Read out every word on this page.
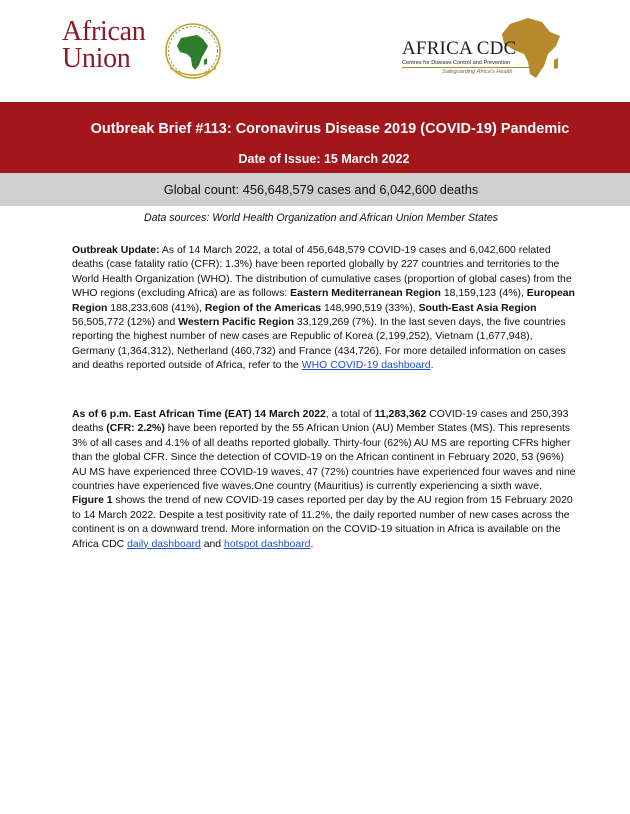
African
Union	AFRICA CDC
Centres for Disease Control and Prevention
Safeguarding Africa's Health
Outbreak Brief #113: Coronavirus Disease 2019 (COVID-19) Pandemic
Date of Issue: 15 March 2022
Global count: 456,648,579 cases and 6,042,600 deaths
Data sources: World Health Organization and African Union Member States
Outbreak Update: As of 14 March 2022, a total of 456,648,579 COVID-19 cases and 6,042,600 related deaths (case fatality ratio (CFR): 1.3%) have been reported globally by 227 countries and territories to the World Health Organization (WHO). The distribution of cumulative cases (proportion of global cases) from the WHO regions (excluding Africa) are as follows: Eastern Mediterranean Region 18,159,123 (4%), European Region 188,233,608 (41%), Region of the Americas 148,990,519 (33%), South-East Asia Region 56,505,772 (12%) and Western Pacific Region 33,129,269 (7%). In the last seven days, the five countries reporting the highest number of new cases are Republic of Korea (2,199,252), Vietnam (1,677,948), Germany (1,364,312), Netherland (460,732) and France (434,726). For more detailed information on cases and deaths reported outside of Africa, refer to the WHO COVID-19 dashboard.
As of 6 p.m. East African Time (EAT) 14 March 2022, a total of 11,283,362 COVID-19 cases and 250,393 deaths (CFR: 2.2%) have been reported by the 55 African Union (AU) Member States (MS). This represents 3% of all cases and 4.1% of all deaths reported globally. Thirty-four (62%) AU MS are reporting CFRs higher than the global CFR. Since the detection of COVID-19 on the African continent in February 2020, 53 (96%) AU MS have experienced three COVID-19 waves, 47 (72%) countries have experienced four waves and nine countries have experienced five waves.One country (Mauritius) is currently experiencing a sixth wave. Figure 1 shows the trend of new COVID-19 cases reported per day by the AU region from 15 February 2020 to 14 March 2022. Despite a test positivity rate of 11.2%, the daily reported number of new cases across the continent is on a downward trend. More information on the COVID-19 situation in Africa is available on the Africa CDC daily dashboard and hotspot dashboard.
